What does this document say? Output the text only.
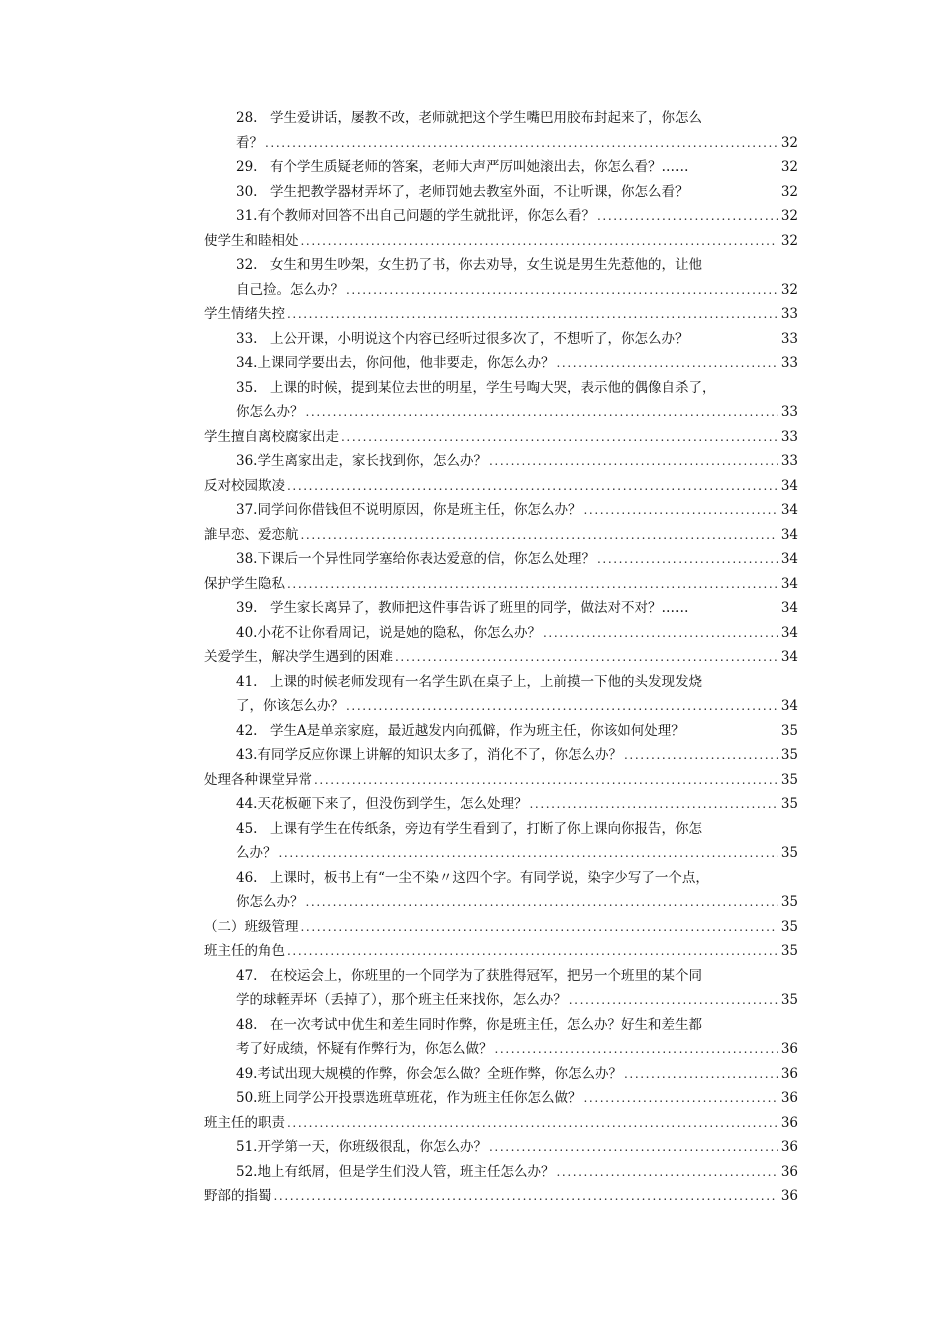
28. 学生爱讲话，屡教不改，老师就把这个学生嘴巴用胶布封起来了，你怎么
看？ .....	32
29. 有个学生质疑老师的答案，老师大声严厉叫她滚出去，你怎么看？……	32
30. 学生把教学器材弄坏了，老师罚她去教室外面，不让听课，你怎么看？	32
31. 有个教师对回答不出自己问题的学生就批评，你怎么看？ .....	32
使学生和睦相处 .....	32
32. 女生和男生吵架，女生扔了书，你去劝导，女生说是男生先惹他的，让他
自己捡。怎么办？ .....	32
学生情绪失控 .....	33
33. 上公开课，小明说这个内容已经听过很多次了，不想听了，你怎么办？	33
34. 上课同学要出去，你问他，他非要走，你怎么办？ .....	33
35. 上课的时候，提到某位去世的明星，学生号啕大哭，表示他的偶像自杀了，
你怎么办？ .....	33
学生擅自离校腐家出走 .....	33
36. 学生离家出走，家长找到你，怎么办？ .....	33
反对校园欺凌 .....	34
37. 同学问你借钱但不说明原因，你是班主任，你怎么办？ .....	34
誰早恋、爱恋航 .....	34
38. 下课后一个异性同学塞给你表达爱意的信，你怎么处理？ .....	34
保护学生隐私 .....	34
39. 学生家长离异了，教师把这件事告诉了班里的同学，做法对不对？……	34
40. 小花不让你看周记，说是她的隐私，你怎么办？ .....	34
关爱学生，解决学生遇到的困难 .....	34
41. 上课的时候老师发现有一名学生趴在桌子上，上前摸一下他的头发现发烧
了，你该怎么办？ .....	34
42. 学生A是单亲家庭，最近越发内向孤僻，作为班主任，你该如何处理？	35
43. 有同学反应你课上讲解的知识太多了，消化不了，你怎么办？ .....	35
处理各种课堂异常 .....	35
44. 天花板砸下来了，但没伤到学生，怎么处理？ .....	35
45. 上课有学生在传纸条，旁边有学生看到了，打断了你上课向你报告，你怎
么办？ .....	35
46. 上课时，板书上有“一尘不染〃这四个字。有同学说，染字少写了一个点，
你怎么办？ .....	35
（二）班级管理 .....	35
班主任的角色 .....	35
47. 在校运会上，你班里的一个同学为了获胜得冠军，把另一个班里的某个同
学的球輊弄坏（丢掉了），那个班主任来找你，怎么办？ .....	35
48. 在一次考试中优生和差生同时作弊，你是班主任，怎么办？好生和差生都
考了好成绩，怀疑有作弊行为，你怎么做？ .....	36
49. 考试出现大规模的作弊，你会怎么做？全班作弊，你怎么办？ .....	36
50. 班上同学公开投票选班草班花，作为班主任你怎么做？ .....	36
班主任的职责 .....	36
51. 开学第一天，你班级很乱，你怎么办？ .....	36
52. 地上有纸屑，但是学生们没人管，班主任怎么办？ .....	36
野部的指蜀 .....	36
